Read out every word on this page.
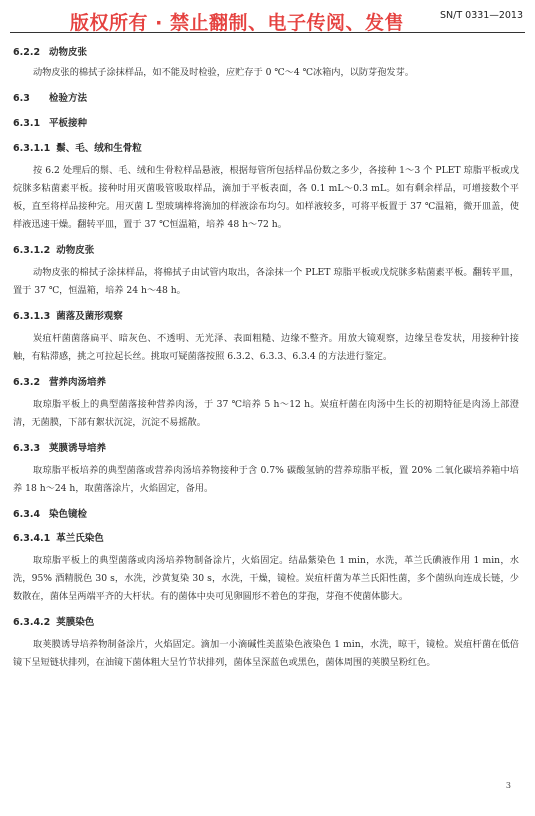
版权所有 · 禁止翻制、电子传阅、发售	SN/T 0331—2013

6.2.2 动物皮张

动物皮张的棉拭子涂抹样品，如不能及时检验，应贮存于 0 ℃～4 ℃冰箱内，以防芽孢发芽。

6.3 检验方法

6.3.1 平板接种

6.3.1.1 鬃、毛、绒和生骨粒

按 6.2 处理后的鬃、毛、绒和生骨粒样品悬液，根据每管所包括样品份数之多少，各接种 1～3 个 PLET 琼脂平板或戊烷脒多粘菌素平板。接种时用灭菌吸管吸取样品，滴加于平板表面，各 0.1 mL～0.3 mL。如有剩余样品，可增接数个平板，直至将样品接种完。用灭菌 L 型玻璃棒将滴加的样液涂布均匀。如样液较多，可将平板置于 37 ℃温箱，微开皿盖，使样液迅速干燥。翻转平皿，置于 37 ℃恒温箱，培养 48 h～72 h。

6.3.1.2 动物皮张

动物皮张的棉拭子涂抹样品，将棉拭子由试管内取出，各涂抹一个 PLET 琼脂平板或戊烷脒多粘菌素平板。翻转平皿，置于 37 ℃，恒温箱，培养 24 h～48 h。

6.3.1.3 菌落及菌形观察

炭疽杆菌菌落扁平、暗灰色、不透明、无光泽、表面粗糙、边缘不整齐。用放大镜观察，边缘呈卷发状，用接种针接触，有粘滞感，挑之可拉起长丝。挑取可疑菌落按照 6.3.2、6.3.3、6.3.4 的方法进行鉴定。

6.3.2 营养肉汤培养

取琼脂平板上的典型菌落接种营养肉汤，于 37 ℃培养 5 h～12 h。炭疽杆菌在肉汤中生长的初期特征是肉汤上部澄清，无菌膜，下部有絮状沉淀，沉淀不易摇散。

6.3.3 荚膜诱导培养

取琼脂平板培养的典型菌落或营养肉汤培养物接种于含 0.7% 碳酸氢钠的营养琼脂平板，置 20% 二氧化碳培养箱中培养 18 h～24 h，取菌落涂片，火焰固定，备用。

6.3.4 染色镜检

6.3.4.1 革兰氏染色

取琼脂平板上的典型菌落或肉汤培养物制备涂片，火焰固定。结晶紫染色 1 min，水洗，革兰氏碘液作用 1 min，水洗，95% 酒精脱色 30 s，水洗，沙黄复染 30 s，水洗，干燥，镜检。炭疽杆菌为革兰氏阳性菌，多个菌纵向连成长链，少数散在，菌体呈两端平齐的大杆状。有的菌体中央可见卵圆形不着色的芽孢，芽孢不使菌体膨大。

6.3.4.2 荚膜染色

取荚膜诱导培养物制备涂片，火焰固定。滴加一小滴碱性美蓝染色液染色 1 min，水洗，晾干，镜检。炭疽杆菌在低倍镜下呈短链状排列，在油镜下菌体粗大呈竹节状排列，菌体呈深蓝色或黑色，菌体周围的荚膜呈粉红色。

3
